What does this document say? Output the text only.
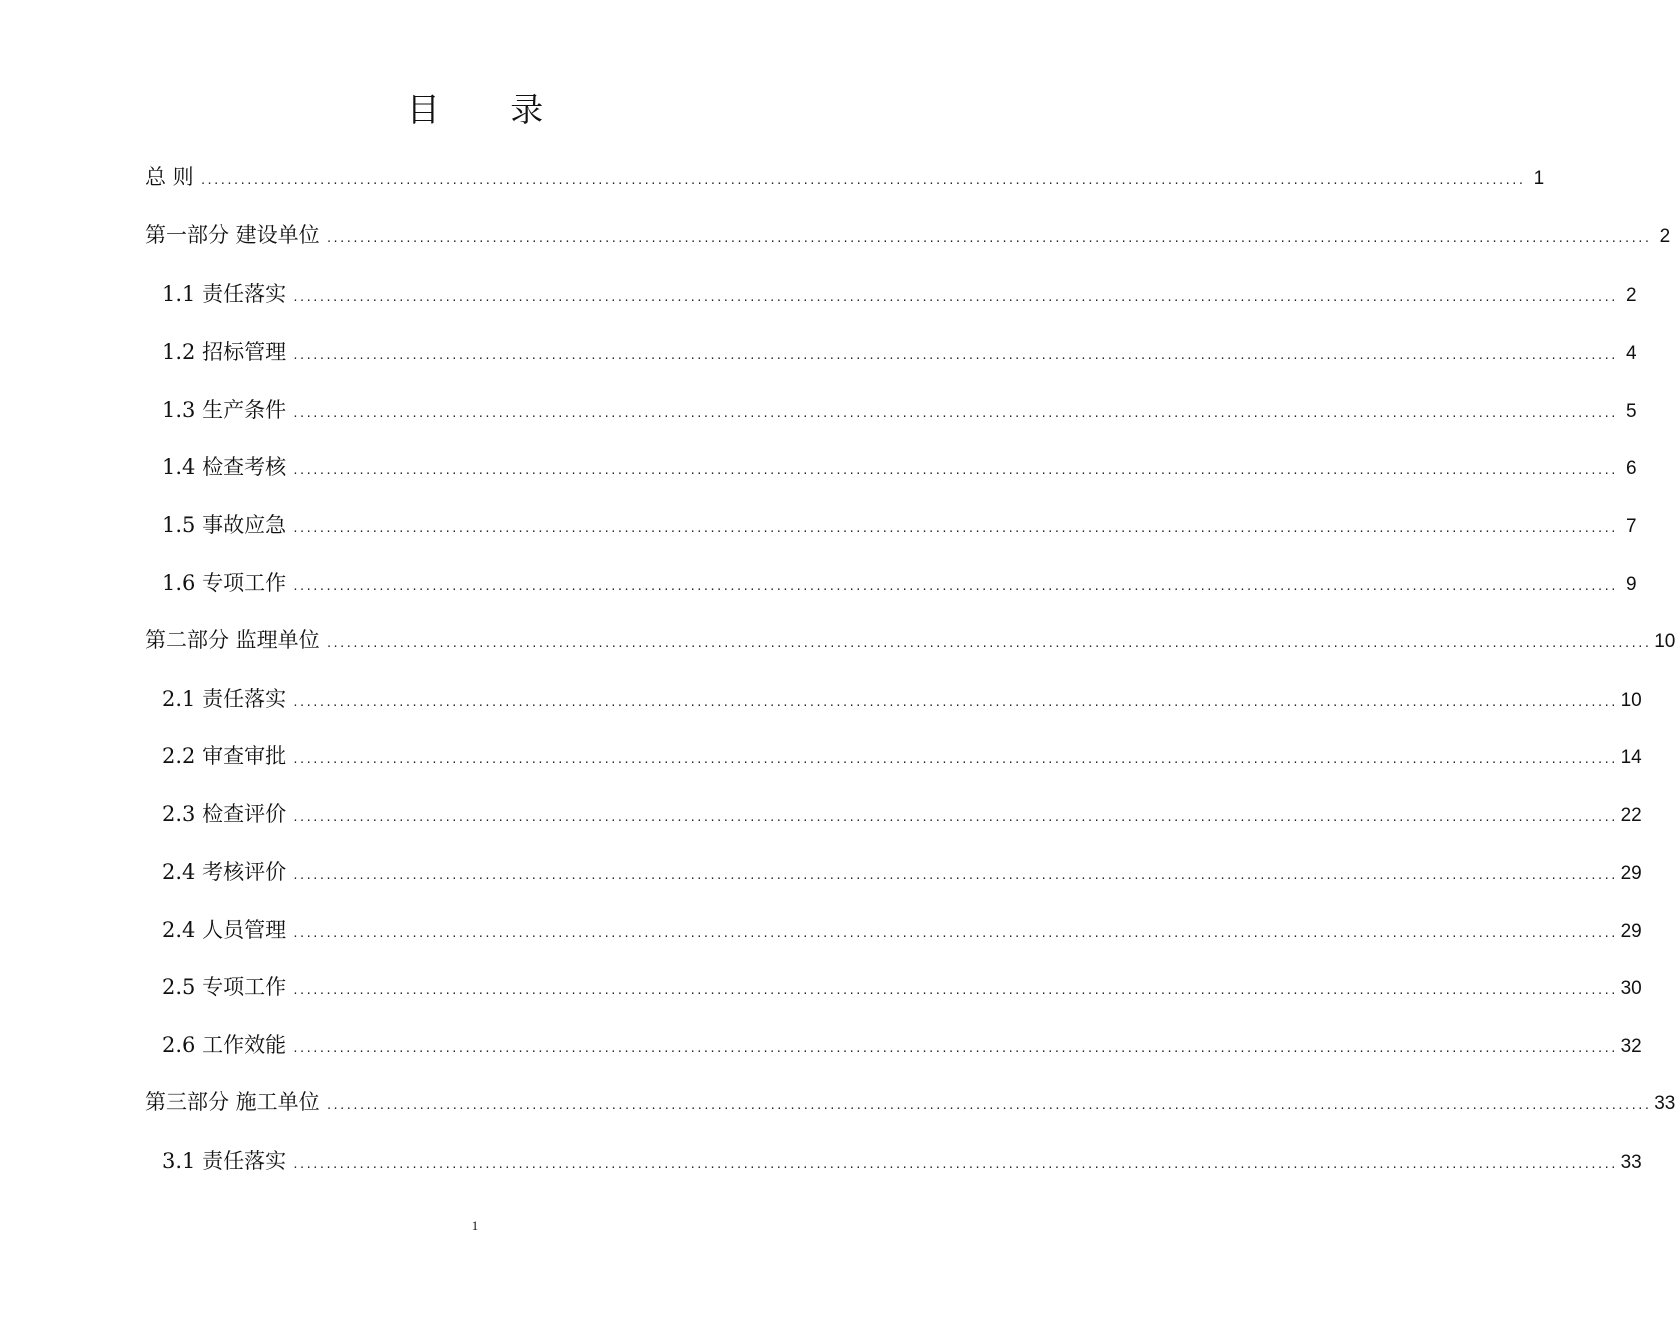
目 录
总 则 ........................................................................................................................................................................................................ 1
第一部分 建设单位 ........................................................................................................................................................................................................ 2
1.1 责任落实 ........................................................................................................................................................................................................ 2
1.2 招标管理 ........................................................................................................................................................................................................ 4
1.3 生产条件 ........................................................................................................................................................................................................ 5
1.4 检查考核 ........................................................................................................................................................................................................ 6
1.5 事故应急 ........................................................................................................................................................................................................ 7
1.6 专项工作 ........................................................................................................................................................................................................ 9
第二部分 监理单位 ........................................................................................................................................................................................................ 10
2.1 责任落实 ........................................................................................................................................................................................................ 10
2.2 审查审批 ........................................................................................................................................................................................................ 14
2.3 检查评价 ........................................................................................................................................................................................................ 22
2.4 考核评价 ........................................................................................................................................................................................................ 29
2.4 人员管理 ........................................................................................................................................................................................................ 29
2.5 专项工作 ........................................................................................................................................................................................................ 30
2.6 工作效能 ........................................................................................................................................................................................................ 32
第三部分 施工单位 ........................................................................................................................................................................................................ 33
3.1 责任落实 ........................................................................................................................................................................................................ 33
1
